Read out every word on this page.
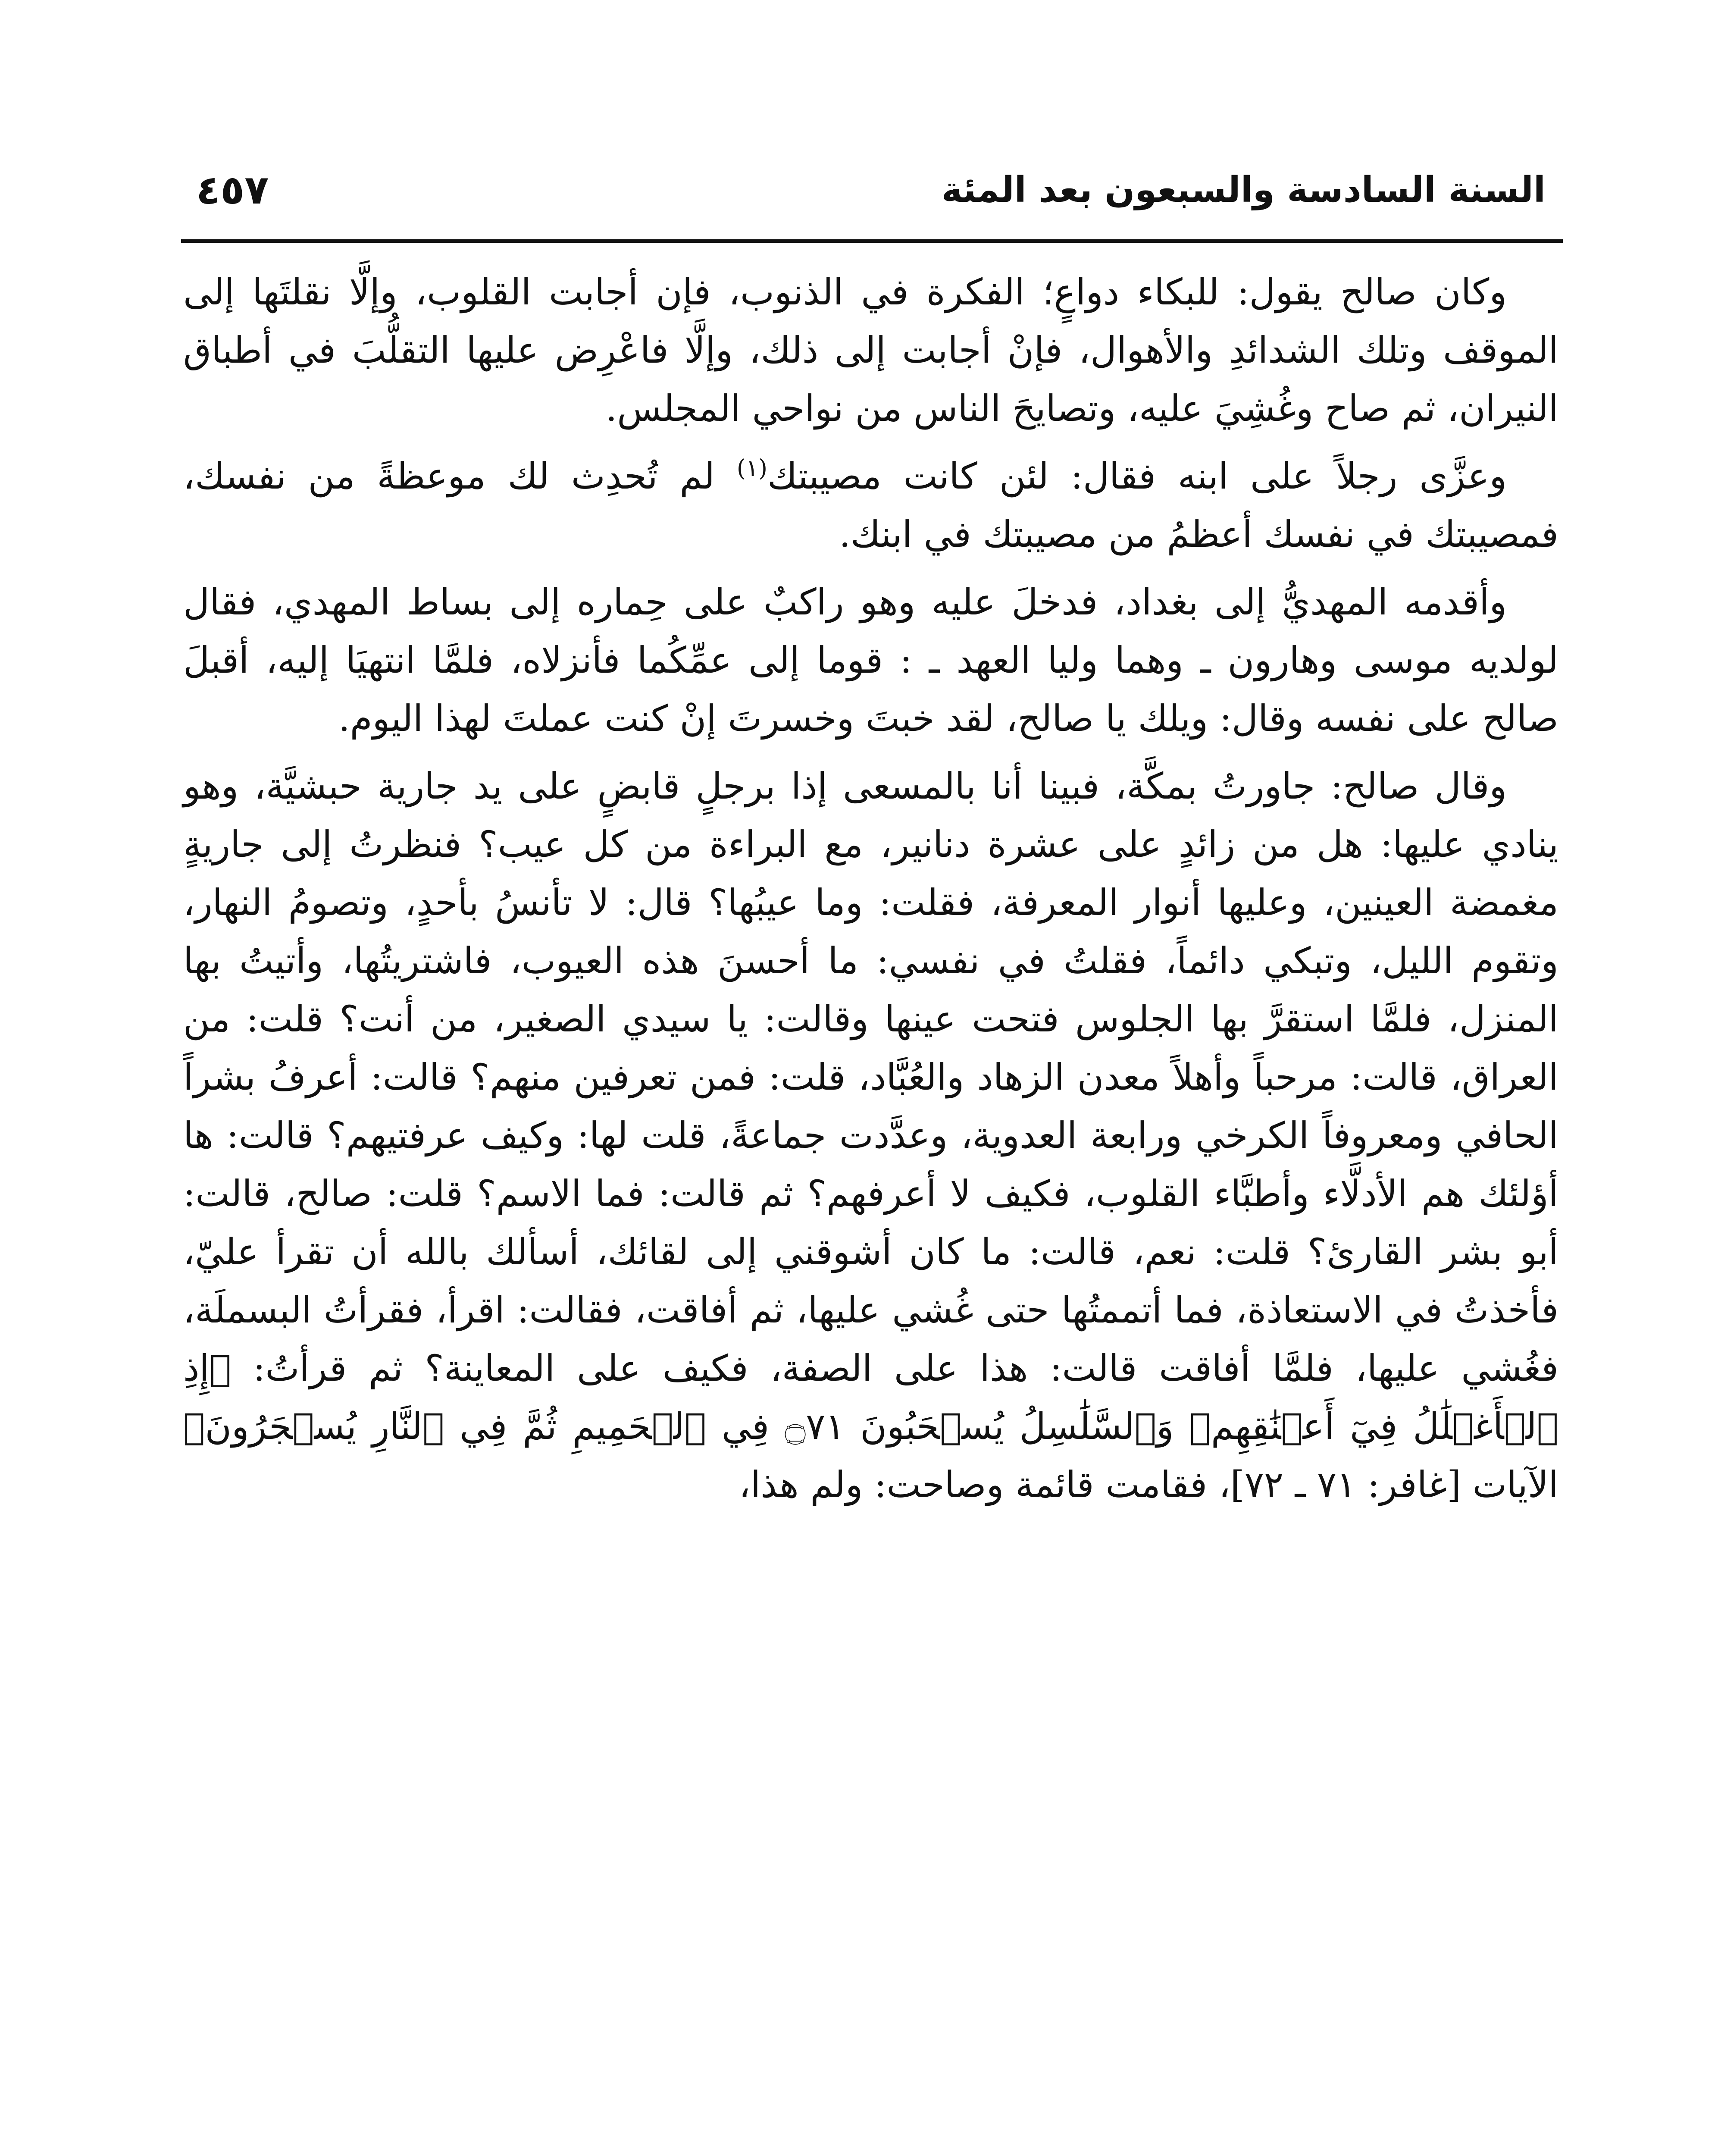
السنة السادسة والسبعون بعد المئة
٤٥٧

وكان صالح يقول: للبكاء دواعٍ؛ الفكرة في الذنوب، فإن أجابت القلوب، وإلَّا نقلتَها إلى الموقف وتلك الشدائدِ والأهوال، فإنْ أجابت إلى ذلك، وإلَّا فاعْرِض عليها التقلُّبَ في أطباق النيران، ثم صاح وغُشِيَ عليه، وتصايحَ الناس من نواحي المجلس.

وعزَّى رجلاً على ابنه فقال: لئن كانت مصيبتك$^{(١)}$ لم تُحدِث لك موعظةً من نفسك، فمصيبتك في نفسك أعظمُ من مصيبتك في ابنك.

وأقدمه المهديُّ إلى بغداد، فدخلَ عليه وهو راكبٌ على حِماره إلى بساط المهدي، فقال لولديه موسى وهارون ـ وهما وليا العهد ـ : قوما إلى عمِّكُما فأنزلاه، فلمَّا انتهيَا إليه، أقبلَ صالح على نفسه وقال: ويلك يا صالح، لقد خبتَ وخسرتَ إنْ كنت عملتَ لهذا اليوم.

وقال صالح: جاورتُ بمكَّة، فبينا أنا بالمسعى إذا برجلٍ قابضٍ على يد جارية حبشيَّة، وهو ينادي عليها: هل من زائدٍ على عشرة دنانير، مع البراءة من كل عيب؟ فنظرتُ إلى جاريةٍ مغمضة العينين، وعليها أنوار المعرفة، فقلت: وما عيبُها؟ قال: لا تأنسُ بأحدٍ، وتصومُ النهار، وتقوم الليل، وتبكي دائماً، فقلتُ في نفسي: ما أحسنَ هذه العيوب، فاشتريتُها، وأتيتُ بها المنزل، فلمَّا استقرَّ بها الجلوس فتحت عينها وقالت: يا سيدي الصغير، من أنت؟ قلت: من العراق، قالت: مرحباً وأهلاً معدن الزهاد والعُبَّاد، قلت: فمن تعرفين منهم؟ قالت: أعرفُ بشراً الحافي ومعروفاً الكرخي ورابعة العدوية، وعدَّدت جماعةً، قلت لها: وكيف عرفتيهم؟ قالت: ها أؤلئك هم الأدلَّاء وأطبَّاء القلوب، فكيف لا أعرفهم؟ ثم قالت: فما الاسم؟ قلت: صالح، قالت: أبو بشر القارئ؟ قلت: نعم، قالت: ما كان أشوقني إلى لقائك، أسألك بالله أن تقرأ عليّ، فأخذتُ في الاستعاذة، فما أتممتُها حتى غُشي عليها، ثم أفاقت، فقالت: اقرأ، فقرأتُ البسملَة، فغُشي عليها، فلمَّا أفاقت قالت: هذا على الصفة، فكيف على المعاينة؟ ثم قرأتُ: ﴿إِذِ ٱلۡأَغۡلَٰلُ فِيٓ أَعۡنَٰقِهِمۡ وَٱلسَّلَٰسِلُ يُسۡحَبُونَ ۝٧١ فِي ٱلۡحَمِيمِ ثُمَّ فِي ٱلنَّارِ يُسۡجَرُونَ﴾ الآيات [غافر: ٧١ ـ ٧٢]، فقامت قائمة وصاحت: ولم هذا،
